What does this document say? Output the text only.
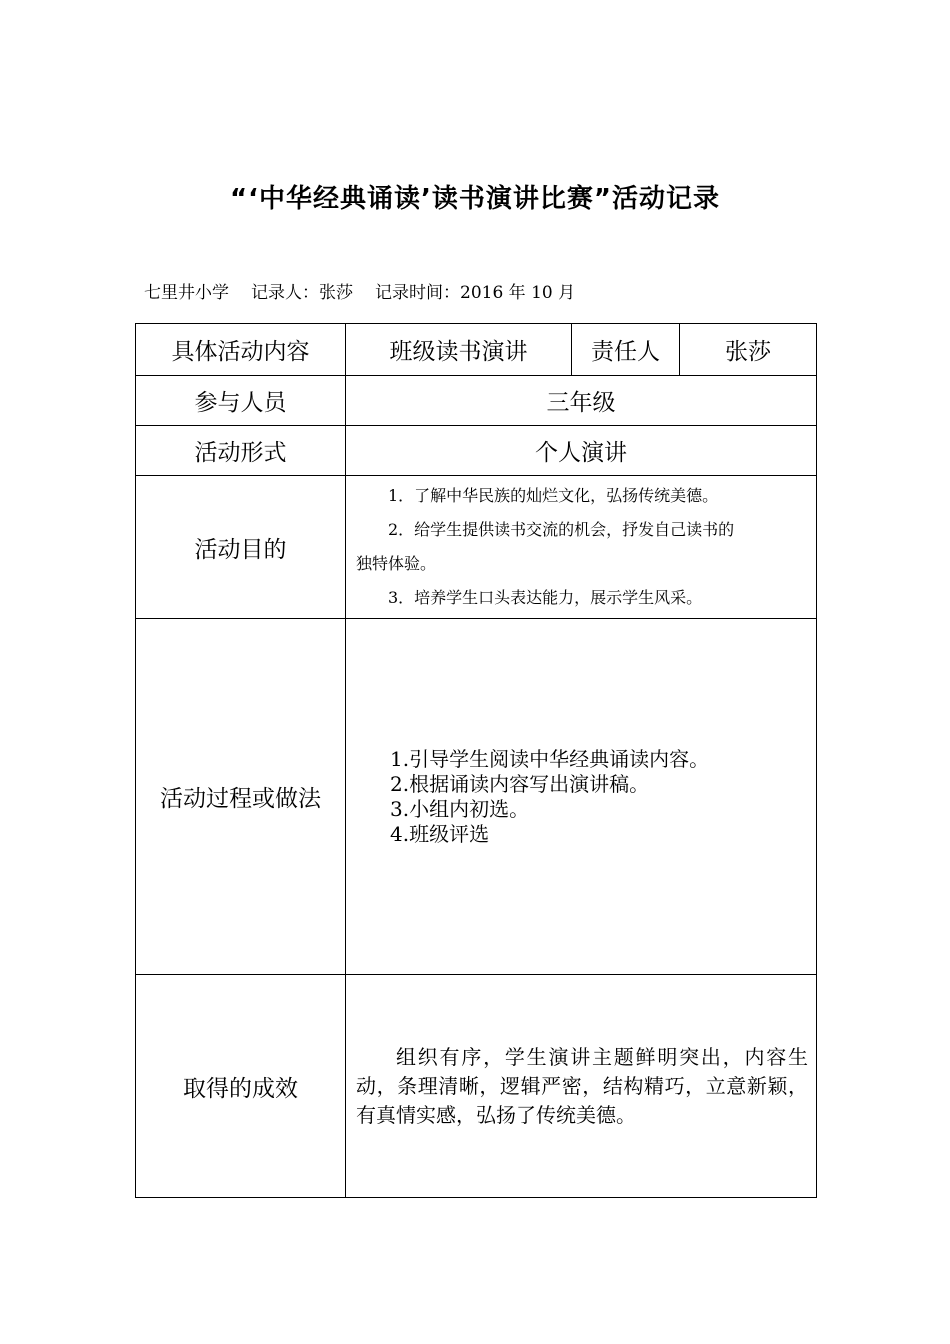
“‘中华经典诵读’读书演讲比赛”活动记录
七里井小学 记录人：张莎 记录时间：2016 年 10 月
具体活动内容	班级读书演讲	责任人	张莎
参与人员	三年级		
活动形式	个人演讲		
活动目的	1．了解中华民族的灿烂文化，弘扬传统美德。

2．给学生提供读书交流的机会，抒发自己读书的

独特体验。

3．培养学生口头表达能力，展示学生风采。		

活动过程或做法	1.引导学生阅读中华经典诵读内容。
2.根据诵读内容写出演讲稿。
3.小组内初选。
4.班级评选		

取得的成效	组织有序，学生演讲主题鲜明突出，内容生动，条理清晰，逻辑严密，结构精巧，立意新颖，有真情实感，弘扬了传统美德。		
